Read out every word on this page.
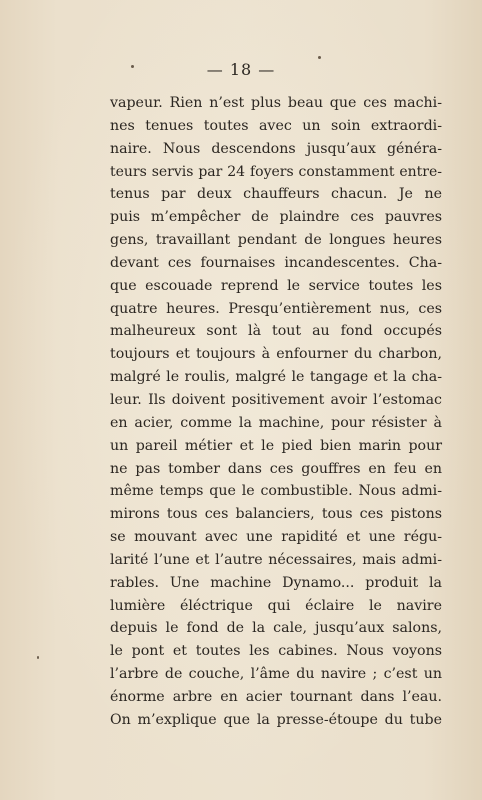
— 18 —
vapeur. Rien n’est plus beau que ces machi-
nes tenues toutes avec un soin extraordi-
naire. Nous descendons jusqu’aux généra-
teurs servis par 24 foyers constamment entre-
tenus par deux chauffeurs chacun. Je ne
puis m’empêcher de plaindre ces pauvres
gens, travaillant pendant de longues heures
devant ces fournaises incandescentes. Cha-
que escouade reprend le service toutes les
quatre heures. Presqu’entièrement nus, ces
malheureux sont là tout au fond occupés
toujours et toujours à enfourner du charbon,
malgré le roulis, malgré le tangage et la cha-
leur. Ils doivent positivement avoir l’estomac
en acier, comme la machine, pour résister à
un pareil métier et le pied bien marin pour
ne pas tomber dans ces gouffres en feu en
même temps que le combustible. Nous admi-
mirons tous ces balanciers, tous ces pistons
se mouvant avec une rapidité et une régu-
larité l’une et l’autre nécessaires, mais admi-
rables. Une machine Dynamo... produit la
lumière éléctrique qui éclaire le navire
depuis le fond de la cale, jusqu’aux salons,
le pont et toutes les cabines. Nous voyons
l’arbre de couche, l’âme du navire ; c’est un
énorme arbre en acier tournant dans l’eau.
On m’explique que la presse-étoupe du tube
